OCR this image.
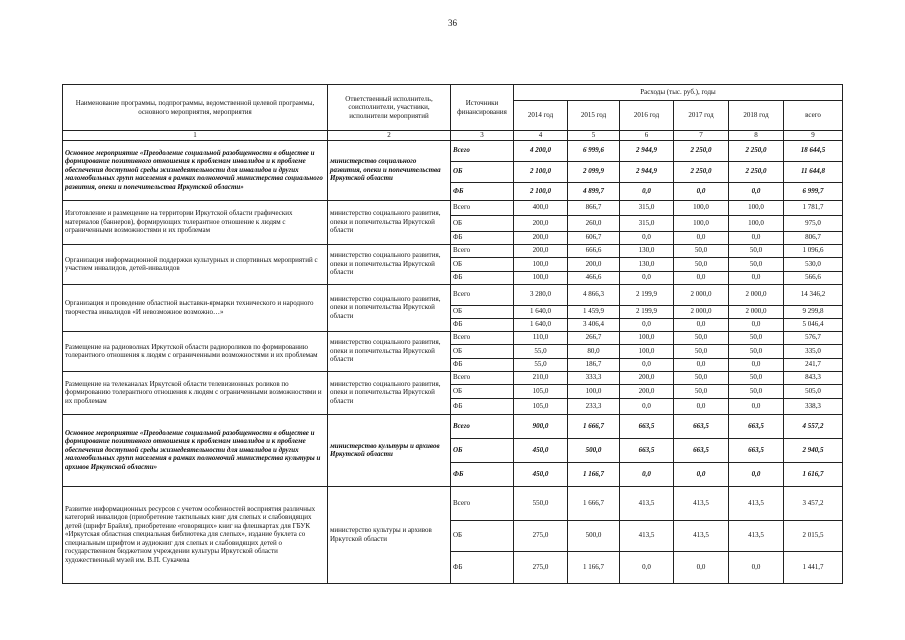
36
Наименование программы, подпрограммы, ведомственной целевой программы, основного мероприятия, мероприятия	Ответственный исполнитель, соисполнители, участники, исполнители мероприятий	Источники финансирования	Расходы (тыс. руб.), годы					
			2014 год	2015 год	2016 год	2017 год	2018 год	всего
1	2	3	4	5	6	7	8	9
Основное мероприятие «Преодоление социальной разобщенности в обществе и формирование позитивного отношения к проблемам инвалидов и к проблеме обеспечения доступной среды жизнедеятельности для инвалидов и других маломобильных групп населения в рамках полномочий министерства социального развития, опеки и попечительства Иркутской области»	министерство социального развития, опеки и попечительства Иркутской области	Всего	4 200,0	6 999,6	2 944,9	2 250,0	2 250,0	18 644,5
		ОБ	2 100,0	2 099,9	2 944,9	2 250,0	2 250,0	11 644,8
		ФБ	2 100,0	4 899,7	0,0	0,0	0,0	6 999,7
Изготовление и размещение на территории Иркутской области графических материалов (баннеров), формирующих толерантное отношение к людям с ограниченными возможностями и их проблемам	министерство социального развития, опеки и попечительства Иркутской области	Всего	400,0	866,7	315,0	100,0	100,0	1 781,7
		ОБ	200,0	260,0	315,0	100,0	100,0	975,0
		ФБ	200,0	606,7	0,0	0,0	0,0	806,7
Организация информационной поддержки культурных и спортивных мероприятий с участием инвалидов, детей-инвалидов	министерство социального развития, опеки и попечительства Иркутской области	Всего	200,0	666,6	130,0	50,0	50,0	1 096,6
		ОБ	100,0	200,0	130,0	50,0	50,0	530,0
		ФБ	100,0	466,6	0,0	0,0	0,0	566,6
Организация и проведение областной выставки-ярмарки технического и народного творчества инвалидов «И невозможное возможно…»	министерство социального развития, опеки и попечительства Иркутской области	Всего	3 280,0	4 866,3	2 199,9	2 000,0	2 000,0	14 346,2
		ОБ	1 640,0	1 459,9	2 199,9	2 000,0	2 000,0	9 299,8
		ФБ	1 640,0	3 406,4	0,0	0,0	0,0	5 046,4
Размещение на радиоволнах Иркутской области радиороликов по формированию толерантного отношения к людям с ограниченными возможностями и их проблемам	министерство социального развития, опеки и попечительства Иркутской области	Всего	110,0	266,7	100,0	50,0	50,0	576,7
		ОБ	55,0	80,0	100,0	50,0	50,0	335,0
		ФБ	55,0	186,7	0,0	0,0	0,0	241,7
Размещение на телеканалах Иркутской области телевизионных роликов по формированию толерантного отношения к людям с ограниченными возможностями и их проблемам	министерство социального развития, опеки и попечительства Иркутской области	Всего	210,0	333,3	200,0	50,0	50,0	843,3
		ОБ	105,0	100,0	200,0	50,0	50,0	505,0
		ФБ	105,0	233,3	0,0	0,0	0,0	338,3
Основное мероприятие «Преодоление социальной разобщенности в обществе и формирование позитивного отношения к проблемам инвалидов и к проблеме обеспечения доступной среды жизнедеятельности для инвалидов и других маломобильных групп населения в рамках полномочий министерства культуры и архивов Иркутской области»	министерство культуры и архивов Иркутской области	Всего	900,0	1 666,7	663,5	663,5	663,5	4 557,2
		ОБ	450,0	500,0	663,5	663,5	663,5	2 940,5
		ФБ	450,0	1 166,7	0,0	0,0	0,0	1 616,7
Развитие информационных ресурсов с учетом особенностей восприятия различных категорий инвалидов (приобретение тактильных книг для слепых и слабовидящих детей (шрифт Брайля), приобретение «говорящих» книг на флешкартах для ГБУК «Иркутская областная специальная библиотека для слепых», издание буклета со специальным шрифтом и аудиокниг для слепых и слабовидящих детей о государственном бюджетном учреждении культуры Иркутской области художественный музей им. В.П. Сукачева	министерство культуры и архивов Иркутской области	Всего	550,0	1 666,7	413,5	413,5	413,5	3 457,2
		ОБ	275,0	500,0	413,5	413,5	413,5	2 015,5
		ФБ	275,0	1 166,7	0,0	0,0	0,0	1 441,7
